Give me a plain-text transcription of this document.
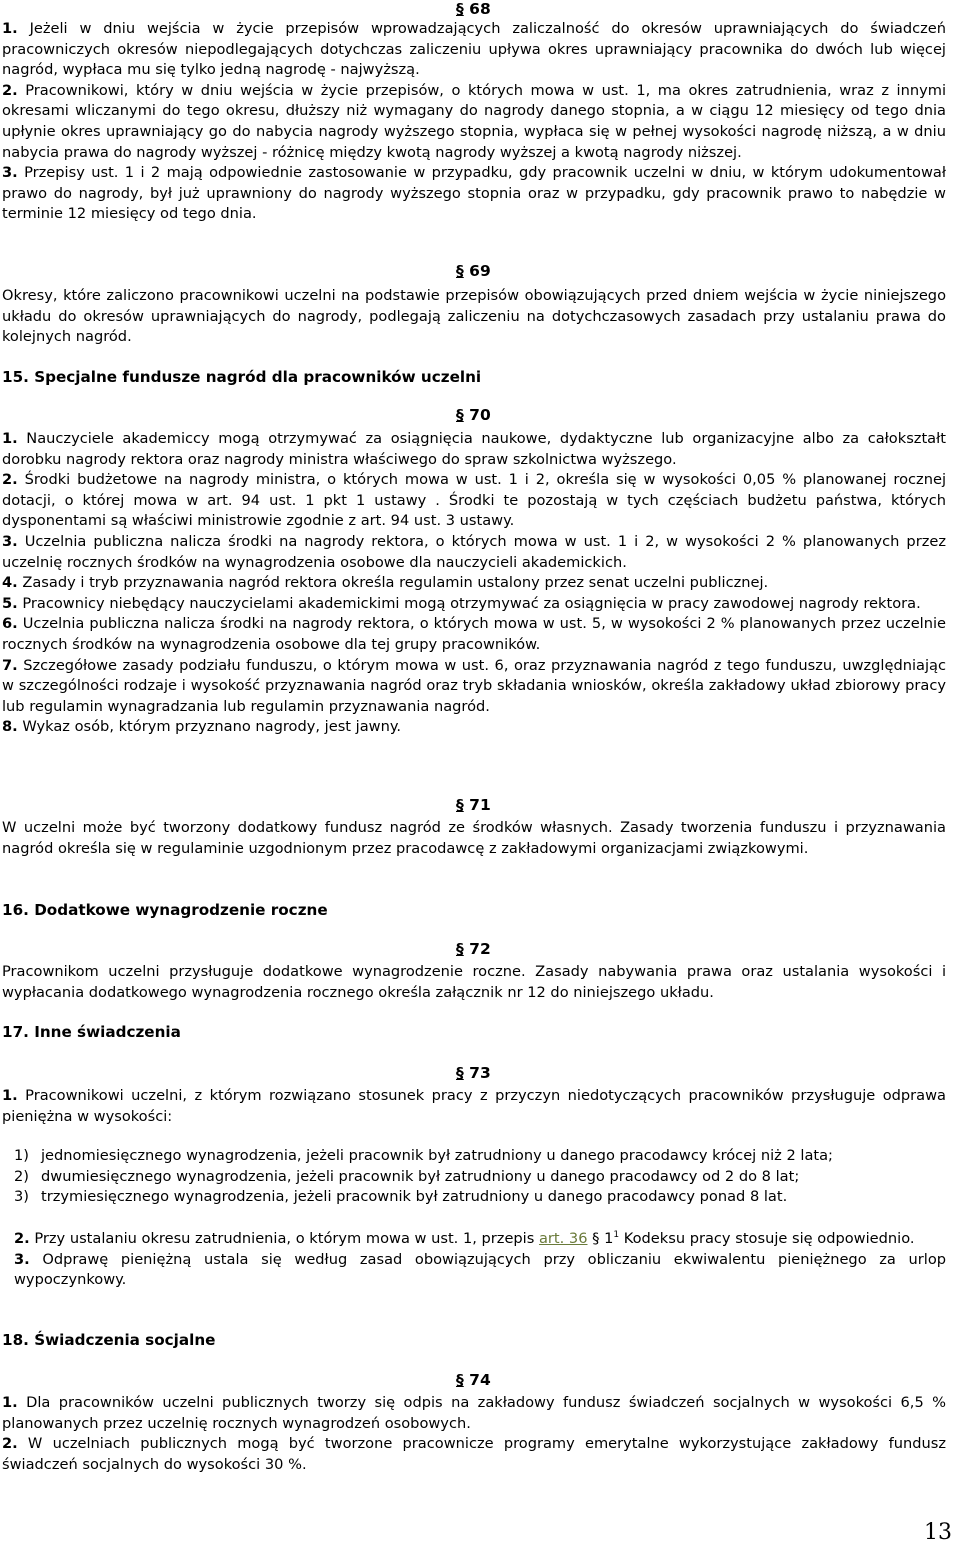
§ 68

1. Jeżeli w dniu wejścia w życie przepisów wprowadzających zaliczalność do okresów uprawniających do świadczeń pracowniczych okresów niepodlegających dotychczas zaliczeniu upływa okres uprawniający pracownika do dwóch lub więcej nagród, wypłaca mu się tylko jedną nagrodę - najwyższą.

2. Pracownikowi, który w dniu wejścia w życie przepisów, o których mowa w ust. 1, ma okres zatrudnienia, wraz z innymi okresami wliczanymi do tego okresu, dłuższy niż wymagany do nagrody danego stopnia, a w ciągu 12 miesięcy od tego dnia upłynie okres uprawniający go do nabycia nagrody wyższego stopnia, wypłaca się w pełnej wysokości nagrodę niższą, a w dniu nabycia prawa do nagrody wyższej - różnicę między kwotą nagrody wyższej a kwotą nagrody niższej.

3. Przepisy ust. 1 i 2 mają odpowiednie zastosowanie w przypadku, gdy pracownik uczelni w dniu, w którym udokumentował prawo do nagrody, był już uprawniony do nagrody wyższego stopnia oraz w przypadku, gdy pracownik prawo to nabędzie w terminie 12 miesięcy od tego dnia.

§ 69

Okresy, które zaliczono pracownikowi uczelni na podstawie przepisów obowiązujących przed dniem wejścia w życie niniejszego układu do okresów uprawniających do nagrody, podlegają zaliczeniu na dotychczasowych zasadach przy ustalaniu prawa do kolejnych nagród.

15. Specjalne fundusze nagród dla pracowników uczelni

§ 70

1. Nauczyciele akademiccy mogą otrzymywać za osiągnięcia naukowe, dydaktyczne lub organizacyjne albo za całokształt dorobku nagrody rektora oraz nagrody ministra właściwego do spraw szkolnictwa wyższego.

2. Środki budżetowe na nagrody ministra, o których mowa w ust. 1 i 2, określa się w wysokości 0,05 % planowanej rocznej dotacji, o której mowa w art. 94 ust. 1 pkt 1 ustawy . Środki te pozostają w tych częściach budżetu państwa, których dysponentami są właściwi ministrowie zgodnie z art. 94 ust. 3 ustawy.

3. Uczelnia publiczna nalicza środki na nagrody rektora, o których mowa w ust. 1 i 2, w wysokości 2 % planowanych przez uczelnię rocznych środków na wynagrodzenia osobowe dla nauczycieli akademickich.

4. Zasady i tryb przyznawania nagród rektora określa regulamin ustalony przez senat uczelni publicznej.

5. Pracownicy niebędący nauczycielami akademickimi mogą otrzymywać za osiągnięcia w pracy zawodowej nagrody rektora.

6. Uczelnia publiczna nalicza środki na nagrody rektora, o których mowa w ust. 5, w wysokości 2 % planowanych przez uczelnie rocznych środków na wynagrodzenia osobowe dla tej grupy pracowników.

7. Szczegółowe zasady podziału funduszu, o którym mowa w ust. 6, oraz przyznawania nagród z tego funduszu, uwzględniając w szczególności rodzaje i wysokość przyznawania nagród oraz tryb składania wniosków, określa zakładowy układ zbiorowy pracy lub regulamin wynagradzania lub regulamin przyznawania nagród.

8. Wykaz osób, którym przyznano nagrody, jest jawny.

§ 71

W uczelni może być tworzony dodatkowy fundusz nagród ze środków własnych. Zasady tworzenia funduszu i przyznawania nagród określa się w regulaminie uzgodnionym przez pracodawcę z zakładowymi organizacjami związkowymi.

16. Dodatkowe wynagrodzenie roczne

§ 72

Pracownikom uczelni przysługuje dodatkowe wynagrodzenie roczne. Zasady nabywania prawa oraz ustalania wysokości i wypłacania dodatkowego wynagrodzenia rocznego określa załącznik nr 12 do niniejszego układu.

17. Inne świadczenia

§ 73

1. Pracownikowi uczelni, z którym rozwiązano stosunek pracy z przyczyn niedotyczących pracowników przysługuje odprawa pieniężna w wysokości:

1) jednomiesięcznego wynagrodzenia, jeżeli pracownik był zatrudniony u danego pracodawcy krócej niż 2 lata;
2) dwumiesięcznego wynagrodzenia, jeżeli pracownik był zatrudniony u danego pracodawcy od 2 do 8 lat;
3) trzymiesięcznego wynagrodzenia, jeżeli pracownik był zatrudniony u danego pracodawcy ponad 8 lat.

2. Przy ustalaniu okresu zatrudnienia, o którym mowa w ust. 1, przepis art. 36 § $1^1$ Kodeksu pracy stosuje się odpowiednio.

3. Odprawę pieniężną ustala się według zasad obowiązujących przy obliczaniu ekwiwalentu pieniężnego za urlop wypoczynkowy.

18. Świadczenia socjalne

§ 74

1. Dla pracowników uczelni publicznych tworzy się odpis na zakładowy fundusz świadczeń socjalnych w wysokości 6,5 % planowanych przez uczelnię rocznych wynagrodzeń osobowych.

2. W uczelniach publicznych mogą być tworzone pracownicze programy emerytalne wykorzystujące zakładowy fundusz świadczeń socjalnych do wysokości 30 %.

13
